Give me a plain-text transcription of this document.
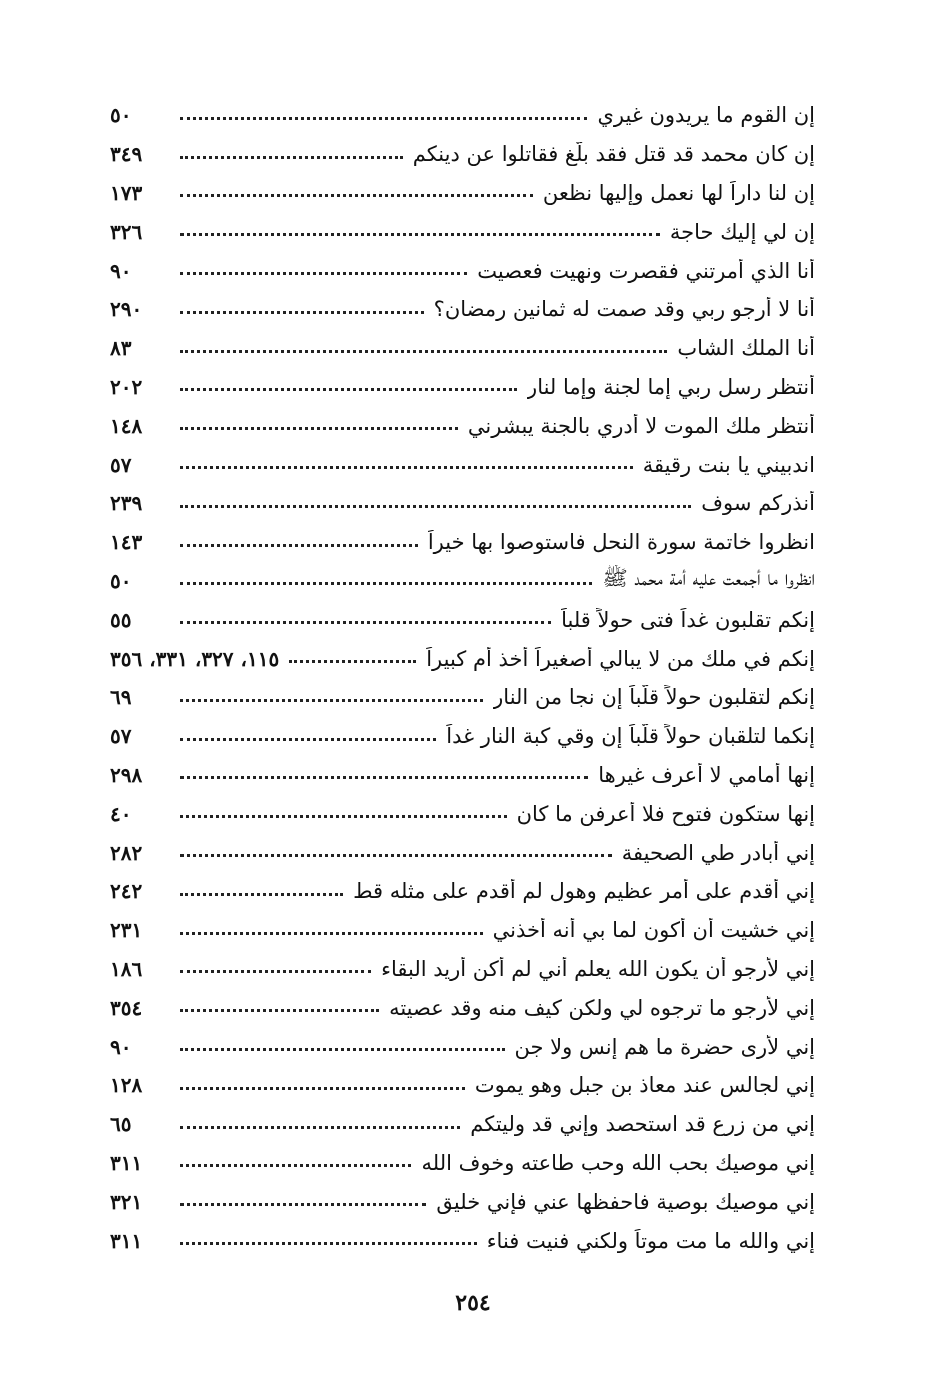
إن القوم ما يريدون غيري
٥٠
إن كان محمد قد قتل فقد بلّغ فقاتلوا عن دينكم
٣٤٩
إن لنا داراً لها نعمل وإليها نظعن
١٧٣
إن لي إليك حاجة
٣٢٦
أنا الذي أمرتني فقصرت ونهيت فعصيت
٩٠
أنا لا أرجو ربي وقد صمت له ثمانين رمضان؟
٢٩٠
أنا الملك الشاب
٨٣
أنتظر رسل ربي إما لجنة وإما لنار
٢٠٢
أنتظر ملك الموت لا أدري بالجنة يبشرني
١٤٨
اندبيني يا بنت رقيقة
٥٧
أنذركم سوف
٢٣٩
انظروا خاتمة سورة النحل فاستوصوا بها خيراً
١٤٣
انظروا ما أجمعت عليه أمة محمد ﷺ
٥٠
إنكم تقلبون غداً فتى حولاً قلباً
٥٥
إنكم في ملك من لا يبالي أصغيراً أخذ أم كبيراً
١١٥، ٣٢٧، ٣٣١، ٣٥٦
إنكم لتقلبون حولاً قلّباً إن نجا من النار
٦٩
إنكما لتلقبان حولاً قلّباً إن وقي كبة النار غداً
٥٧
إنها أمامي لا أعرف غيرها
٢٩٨
إنها ستكون فتوح فلا أعرفن ما كان
٤٠
إني أبادر طي الصحيفة
٢٨٢
إني أقدم على أمر عظيم وهول لم أقدم على مثله قط
٢٤٢
إني خشيت أن أكون لما بي أنه أخذني
٢٣١
إني لأرجو أن يكون الله يعلم أني لم أكن أريد البقاء
١٨٦
إني لأرجو ما ترجوه لي ولكن كيف منه وقد عصيته
٣٥٤
إني لأرى حضرة ما هم إنس ولا جن
٩٠
إني لجالس عند معاذ بن جبل وهو يموت
١٢٨
إني من زرع قد استحصد وإني قد وليتكم
٦٥
إني موصيك بحب الله وحب طاعته وخوف الله
٣١١
إني موصيك بوصية فاحفظها عني فإني خليق
٣٢١
إني والله ما مت موتاً ولكني فنيت فناء
٣١١
٢٥٤
